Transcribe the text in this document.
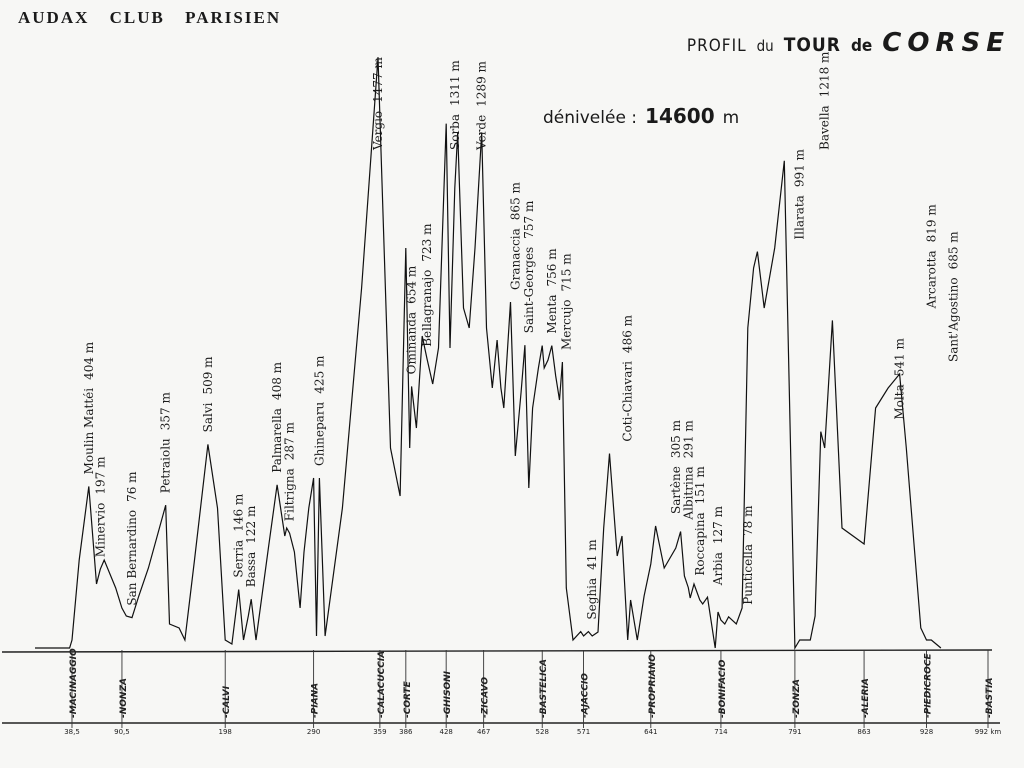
AUDAX CLUB PARISIEN
PROFIL du TOUR de CORSE
dénivelée : 14600 m
Moulin Mattéi404 m
Minervio197 m
San Bernardino76 m Petraiolu357 m Salvi509 m
Serria146 m
Bassa122 m
Palmarella408 m
Filtrigna287 m Ghineparu425 m
Vergio1477 m
Ominanda654 m Bellagranajo723 m
Sorba1311 m
Verde1289 m
Granaccia865 m
Saint-Georges757 m
Menta756 m
Mercujo715 m
Seghia41 m
Coti-Chiavari486 m
Sartène305 m
Albitrina291 m
Roccapina151 m
Arbia127 m
Punticella78 m
Illarata991 m
Bavella1218 m
Molta541 m
Arcarotta819 m
Sant'Agostino685 m
-MACINAGGIO	-NONZA	-CALVI	-PIANA	-CALACUCCIA -CORTE	-GHISONI	-ZICAVO	-BASTELICA	-AJACCIO	-PROPRIANO	-BONIFACIO	-ZONZA	-ALERIA	-PIEDICROCE	-BASTIA
38,5	90,5	198	290	359 386	428	467	528	571	641	714	791	863	928	992 km
